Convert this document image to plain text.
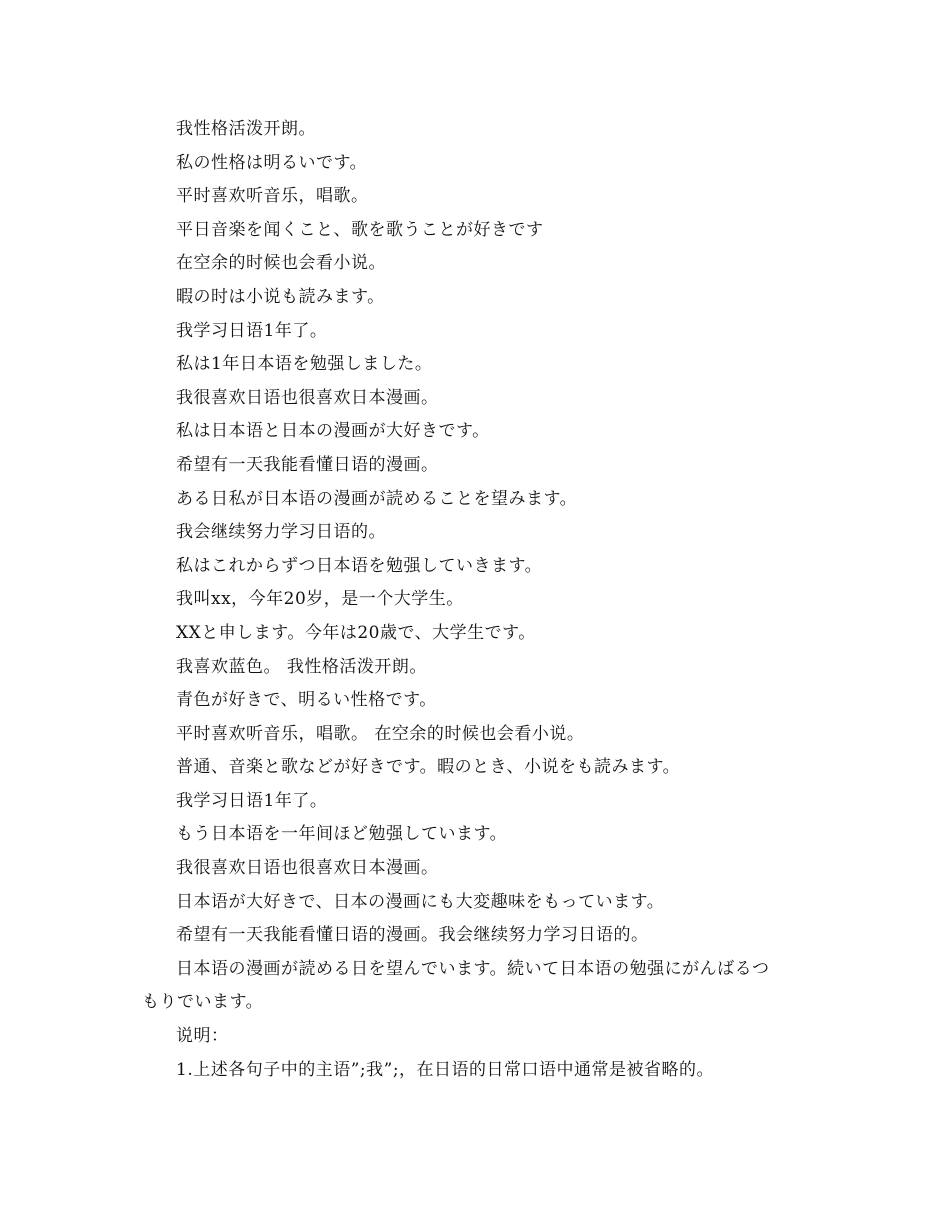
我性格活泼开朗。
私の性格は明るいです。
平时喜欢听音乐，唱歌。
平日音楽を闻くこと、歌を歌うことが好きです
在空余的时候也会看小说。
暇の时は小说も読みます。
我学习日语1年了。
私は1年日本语を勉强しました。
我很喜欢日语也很喜欢日本漫画。
私は日本语と日本の漫画が大好きです。
希望有一天我能看懂日语的漫画。
ある日私が日本语の漫画が読めることを望みます。
我会继续努力学习日语的。
私はこれからずつ日本语を勉强していきます。
我叫xx，今年20岁，是一个大学生。
XXと申します。今年は20歳で、大学生です。
我喜欢蓝色。 我性格活泼开朗。
青色が好きで、明るい性格です。
平时喜欢听音乐，唱歌。 在空余的时候也会看小说。
普通、音楽と歌などが好きです。暇のとき、小说をも読みます。
我学习日语1年了。
もう日本语を一年间ほど勉强しています。
我很喜欢日语也很喜欢日本漫画。
日本语が大好きで、日本の漫画にも大変趣味をもっています。
希望有一天我能看懂日语的漫画。我会继续努力学习日语的。
日本语の漫画が読める日を望んでいます。続いて日本语の勉强にがんばるつ
もりでいます。
说明：
1.上述各句子中的主语”;我”;，在日语的日常口语中通常是被省略的。
